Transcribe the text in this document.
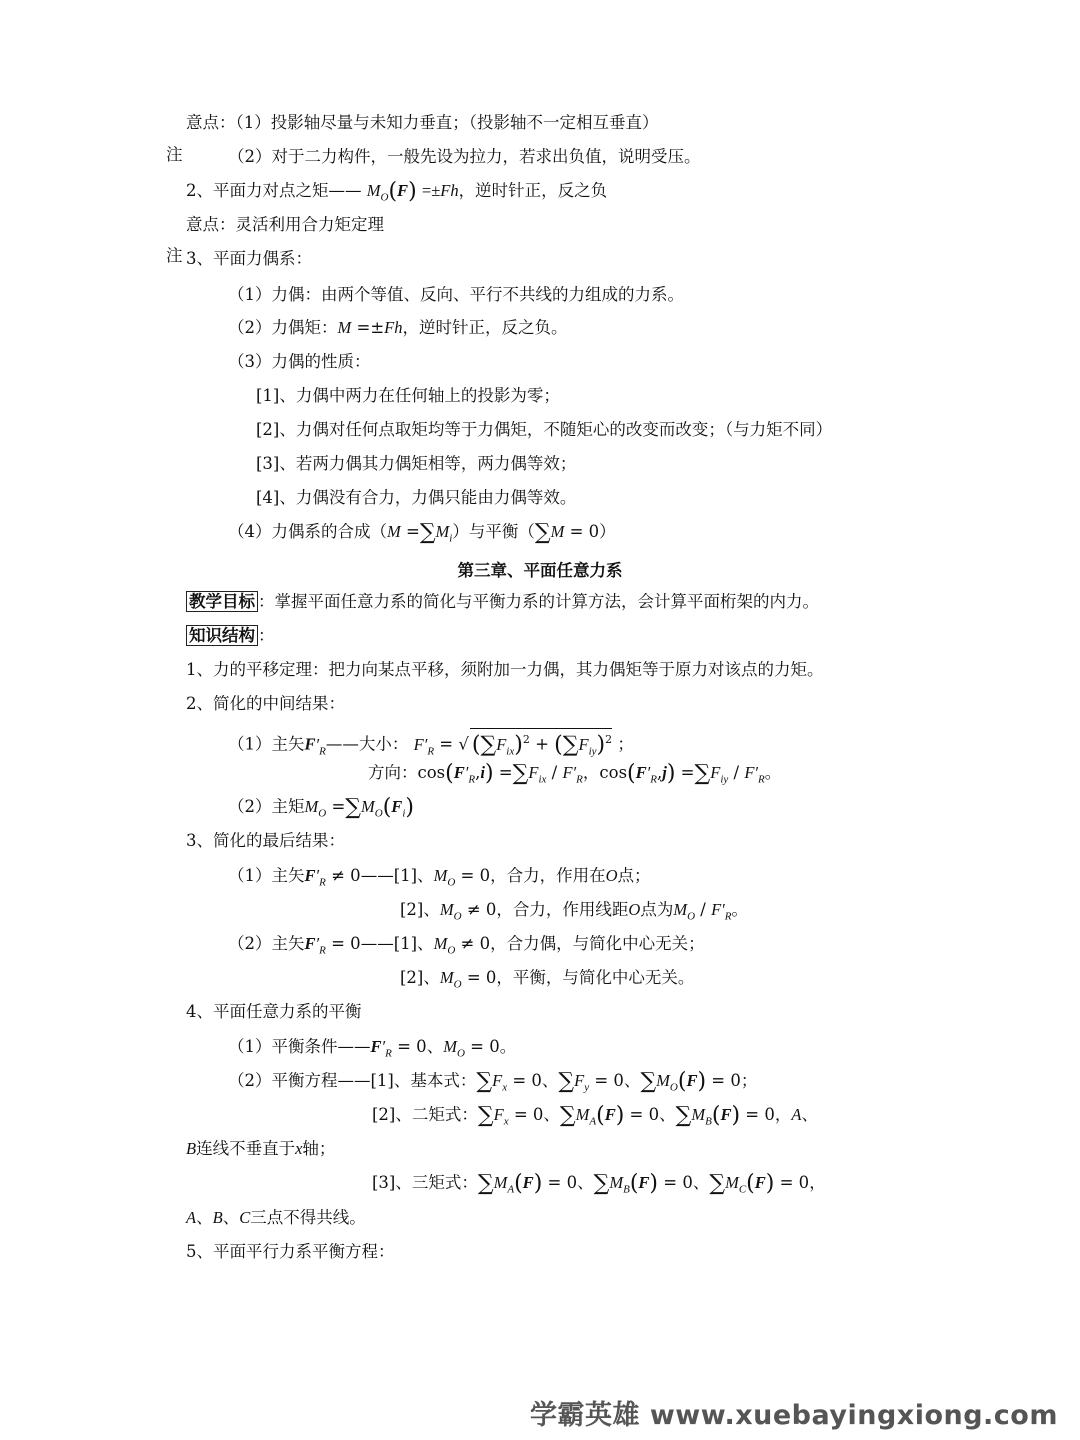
意点：（1）投影轴尽量与未知力垂直；（投影轴不一定相互垂直）
注	（2）对于二力构件，一般先设为拉力，若求出负值，说明受压。
2、平面力对点之矩—— $M_O(F) =\pm Fh$，逆时针正，反之负
意点：灵活利用合力矩定理
注 3、平面力偶系：
（1）力偶：由两个等值、反向、平行不共线的力组成的力系。
（2）力偶矩：M =±Fh，逆时针正，反之负。
（3）力偶的性质：
[1]、力偶中两力在任何轴上的投影为零；
[2]、力偶对任何点取矩均等于力偶矩，不随矩心的改变而改变；（与力矩不同）
[3]、若两力偶其力偶矩相等，两力偶等效；
[4]、力偶没有合力，力偶只能由力偶等效。
（4）力偶系的合成$(M =\sum M_i)$与平衡（∑M = 0）
第三章、平面任意力系
教学目标 ：掌握平面任意力系的简化与平衡力系的计算方法，会计算平面桁架的内力。
知识结构 ：
1、力的平移定理：把力向某点平移，须附加一力偶，其力偶矩等于原力对该点的力矩。
2、简化的中间结果：
（1）主矢$F'_R——$大小： $F'_R$ = √ $(\sum F_{ix})^2 + (\sum F_{iy})^2$ ；
方向：$\cos(F'_R,i) =\sum F_{ix} / F'_R$，$\cos(F'_R,j) =\sum F_{iy} / F'_R$。
（2）主矩$M_O =\sum M_O(F_i)$
3、简化的最后结果：
（1）主矢$F'_R$ ≠ 0——[1]、$M_O = 0$，合力，作用在O点；
[2]、$M_O \ne 0$，合力，作用线距O点为$M_O / F'_R$。
（2）主矢$F'_R$ = 0——[1]、$M_O \ne 0$，合力偶，与简化中心无关；
[2]、$M_O = 0$，平衡，与简化中心无关。
4、平面任意力系的平衡
（1）平衡条件$——F'_R = 0$、$M_O = 0$。
（2）平衡方程——[1]、基本式：$\sum F_x = 0$、$\sum F_y = 0$、$\sum M_O(F) = 0$；
[2]、二矩式：$\sum F_x = 0$、$\sum M_A(F) = 0$、$\sum M_B(F) = 0$，A、
B连线不垂直于x轴；
[3]、三矩式：$\sum M_A(F) = 0$、$\sum M_B(F) = 0$、$\sum M_C(F) = 0$，
A、B、C三点不得共线。
5、平面平行力系平衡方程：
学霸英雄 www.xuebayingxiong.com
